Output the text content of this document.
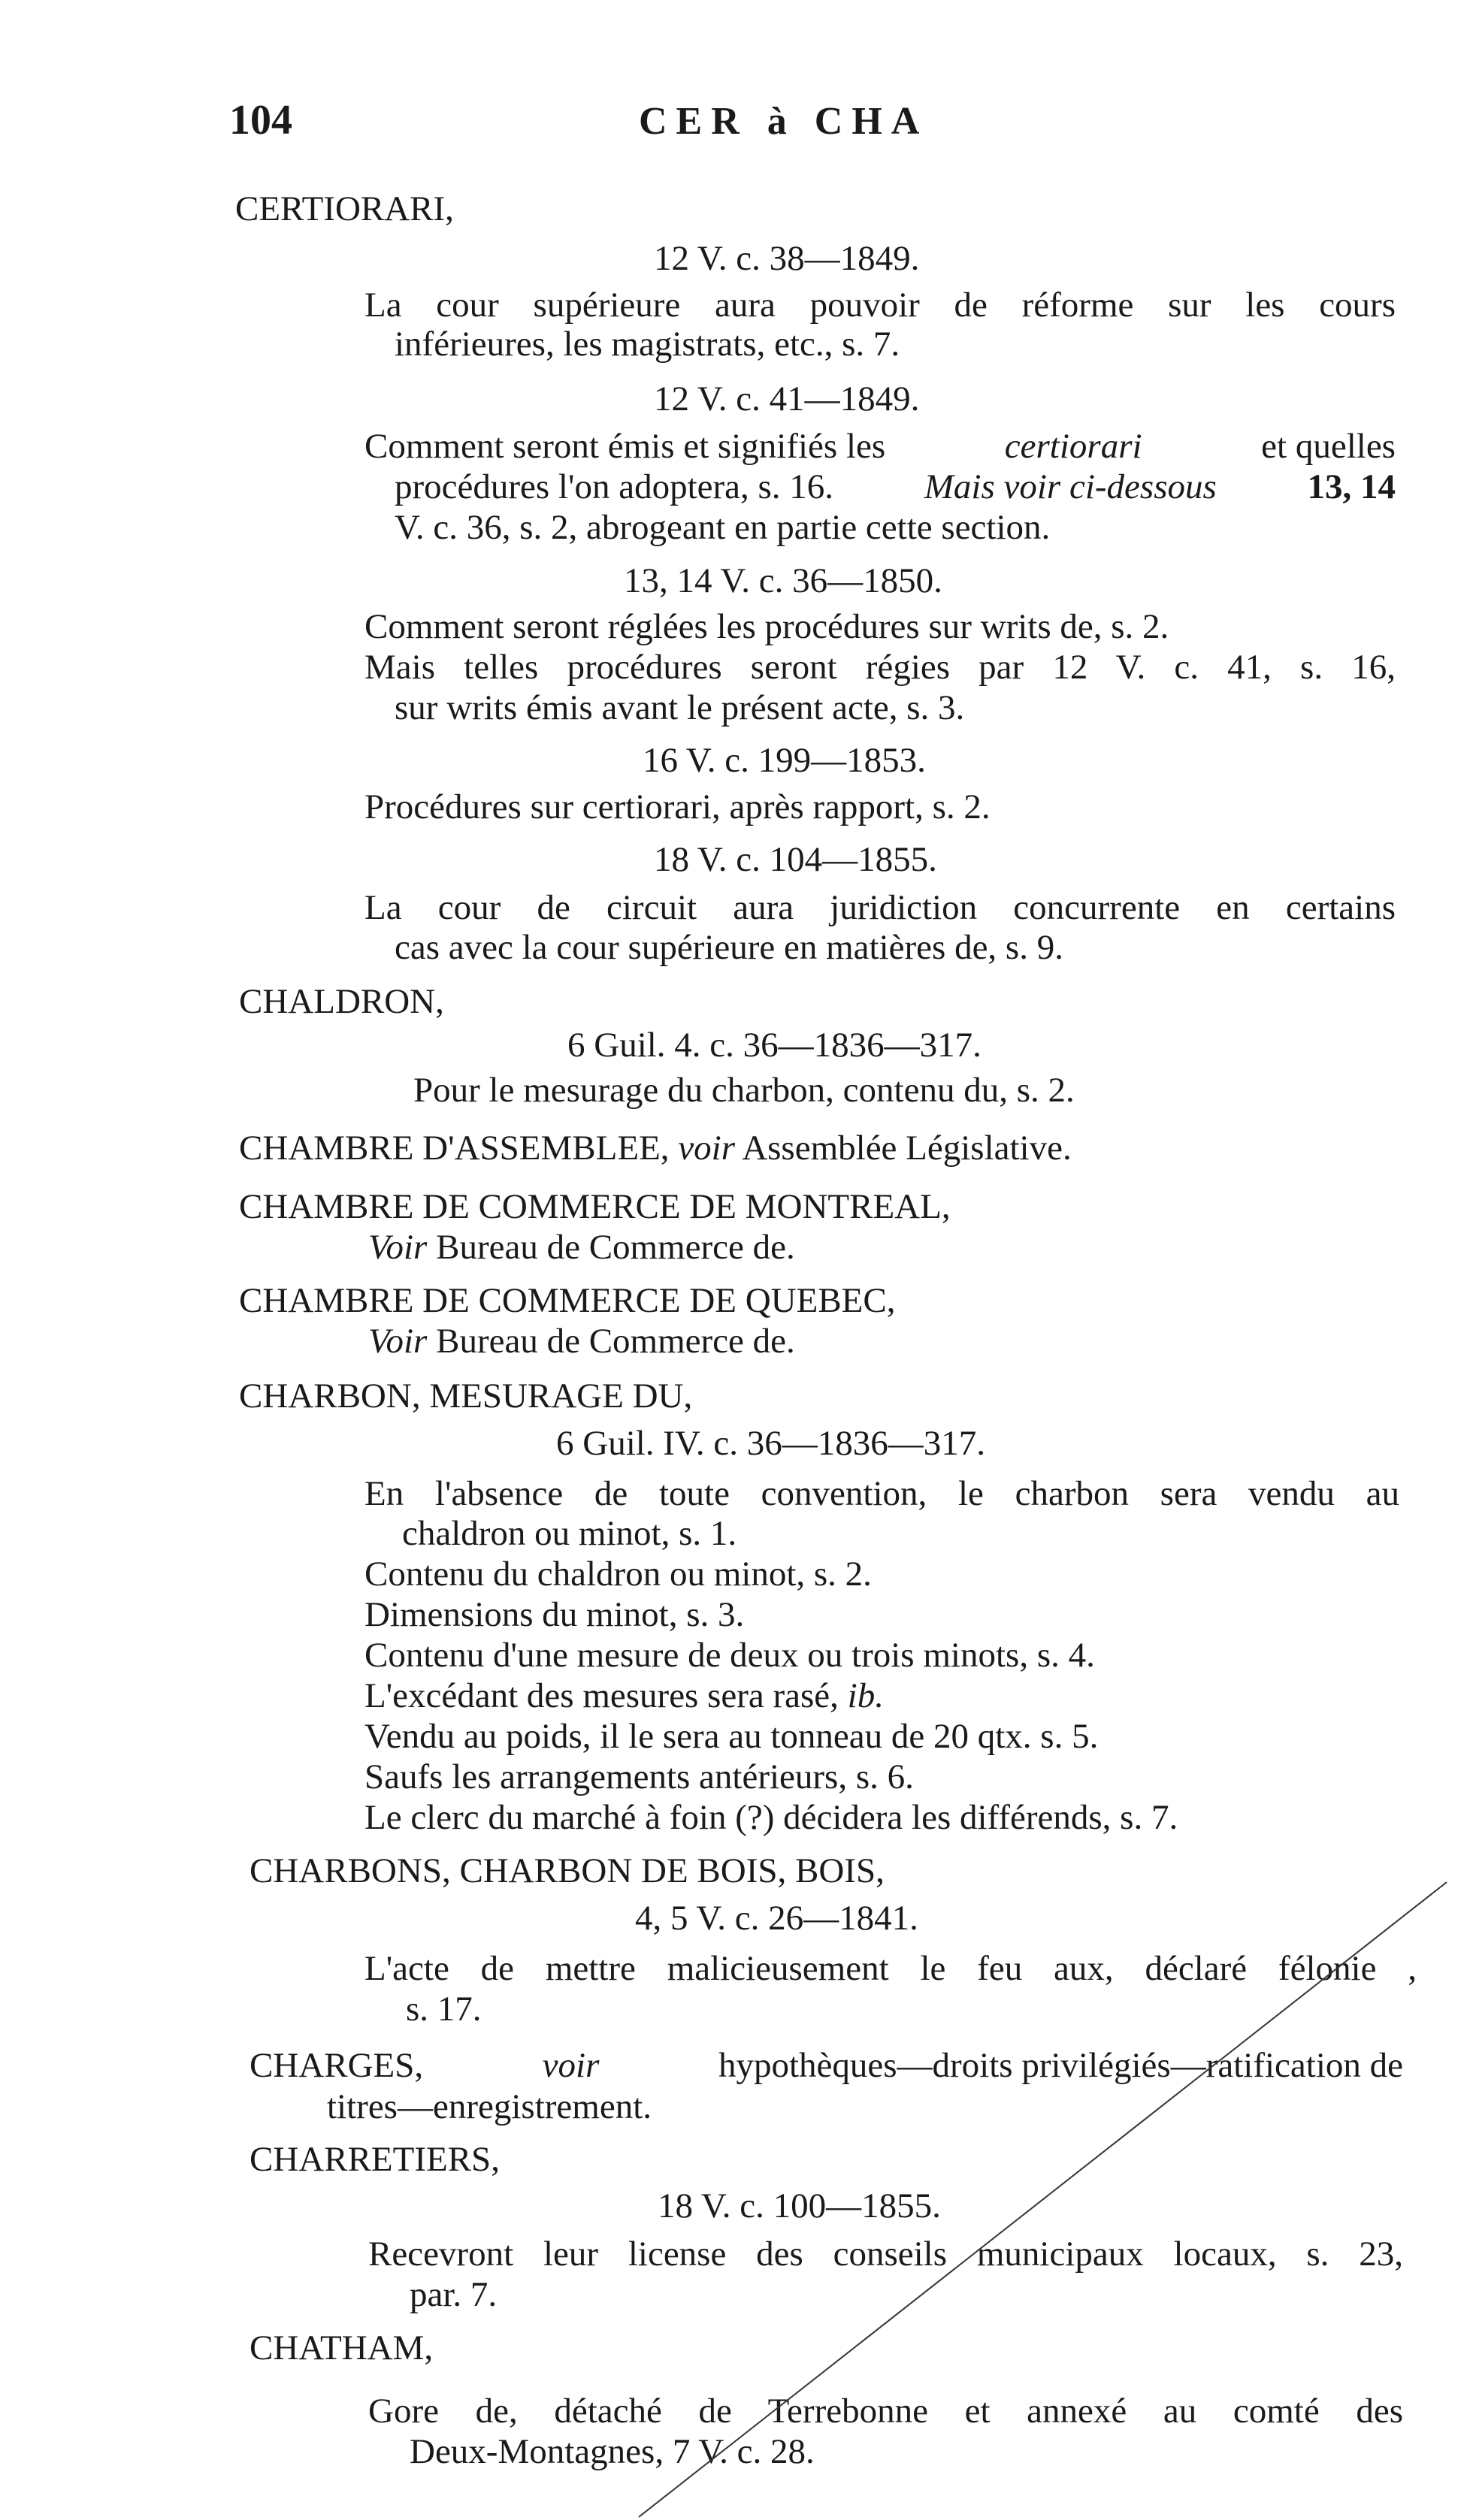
104	CER à CHA
CERTIORARI,
12 V. c. 38—1849.
La cour supérieure aura pouvoir de réforme sur les cours
inférieures, les magistrats, etc., s. 7.
12 V. c. 41—1849.
Comment seront émis et signifiés les	certiorari	et quelles
procédures l'on adoptera, s. 16.	Mais voir ci-dessous	13, 14
V. c. 36, s. 2, abrogeant en partie cette section.
13, 14 V. c. 36—1850.
Comment seront réglées les procédures sur writs de, s. 2.
Mais telles procédures seront régies par 12 V. c. 41, s. 16,
sur writs émis avant le présent acte, s. 3.
16 V. c. 199—1853.
Procédures sur certiorari, après rapport, s. 2.
18 V. c. 104—1855.
La cour de circuit aura juridiction concurrente en certains
cas avec la cour supérieure en matières de, s. 9.
CHALDRON,
6 Guil. 4. c. 36—1836—317.
Pour le mesurage du charbon, contenu du, s. 2.
CHAMBRE D'ASSEMBLEE, voir Assemblée Législative.
CHAMBRE DE COMMERCE DE MONTREAL,
Voir Bureau de Commerce de.
CHAMBRE DE COMMERCE DE QUEBEC,
Voir Bureau de Commerce de.
CHARBON, MESURAGE DU,
6 Guil. IV. c. 36—1836—317.
En l'absence de toute convention, le charbon sera vendu au
chaldron ou minot, s. 1.
Contenu du chaldron ou minot, s. 2.
Dimensions du minot, s. 3.
Contenu d'une mesure de deux ou trois minots, s. 4.
L'excédant des mesures sera rasé, ib.
Vendu au poids, il le sera au tonneau de 20 qtx. s. 5.
Saufs les arrangements antérieurs, s. 6.
Le clerc du marché à foin (?) décidera les différends, s. 7.
CHARBONS, CHARBON DE BOIS, BOIS,
4, 5 V. c. 26—1841.
L'acte de mettre malicieusement le feu aux, déclaré félonie ,
s. 17.
CHARGES,	voir	hypothèques—droits privilégiés—ratification de
titres—enregistrement.
CHARRETIERS,
18 V. c. 100—1855.
Recevront leur license des conseils municipaux locaux, s. 23,
par. 7.
CHATHAM,
Gore de, détaché de Terrebonne et annexé au comté des
Deux-Montagnes, 7 V. c. 28.
